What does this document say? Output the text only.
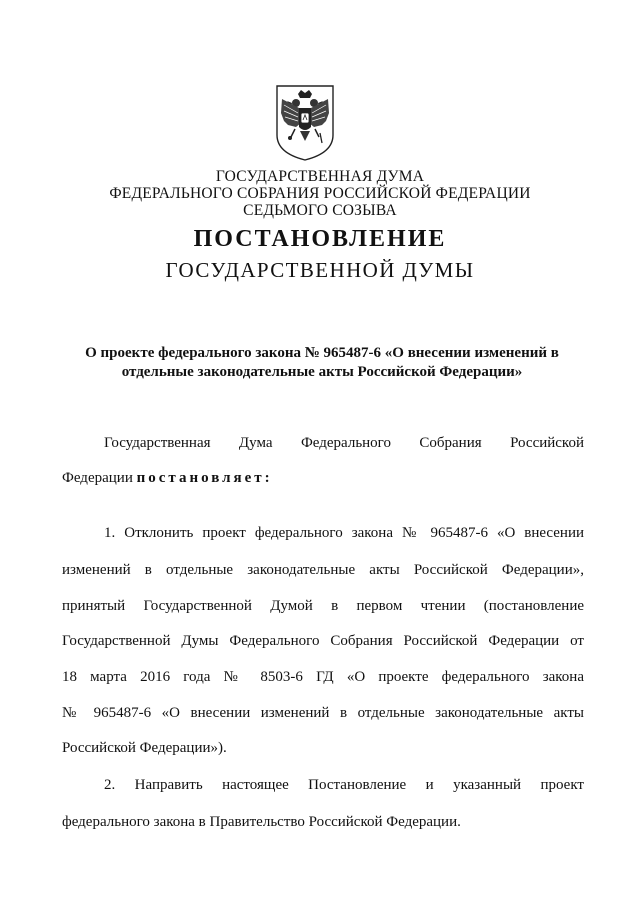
ГОСУДАРСТВЕННАЯ ДУМА
ФЕДЕРАЛЬНОГО СОБРАНИЯ РОССИЙСКОЙ ФЕДЕРАЦИИ
СЕДЬМОГО СОЗЫВА
ПОСТАНОВЛЕНИЕ
ГОСУДАРСТВЕННОЙ ДУМЫ
О проекте федерального закона № 965487-6 «О внесении изменений в
отдельные законодательные акты Российской Федерации»
Государственная Дума Федерального Собрания Российской
Федерации постановляет:
1. Отклонить проект федерального закона № 965487-6 «О внесении
изменений в отдельные законодательные акты Российской Федерации»,
принятый Государственной Думой в первом чтении (постановление
Государственной Думы Федерального Собрания Российской Федерации от
18 марта 2016 года № 8503-6 ГД «О проекте федерального закона
№ 965487-6 «О внесении изменений в отдельные законодательные акты
Российской Федерации»).
2. Направить настоящее Постановление и указанный проект
федерального закона в Правительство Российской Федерации.
